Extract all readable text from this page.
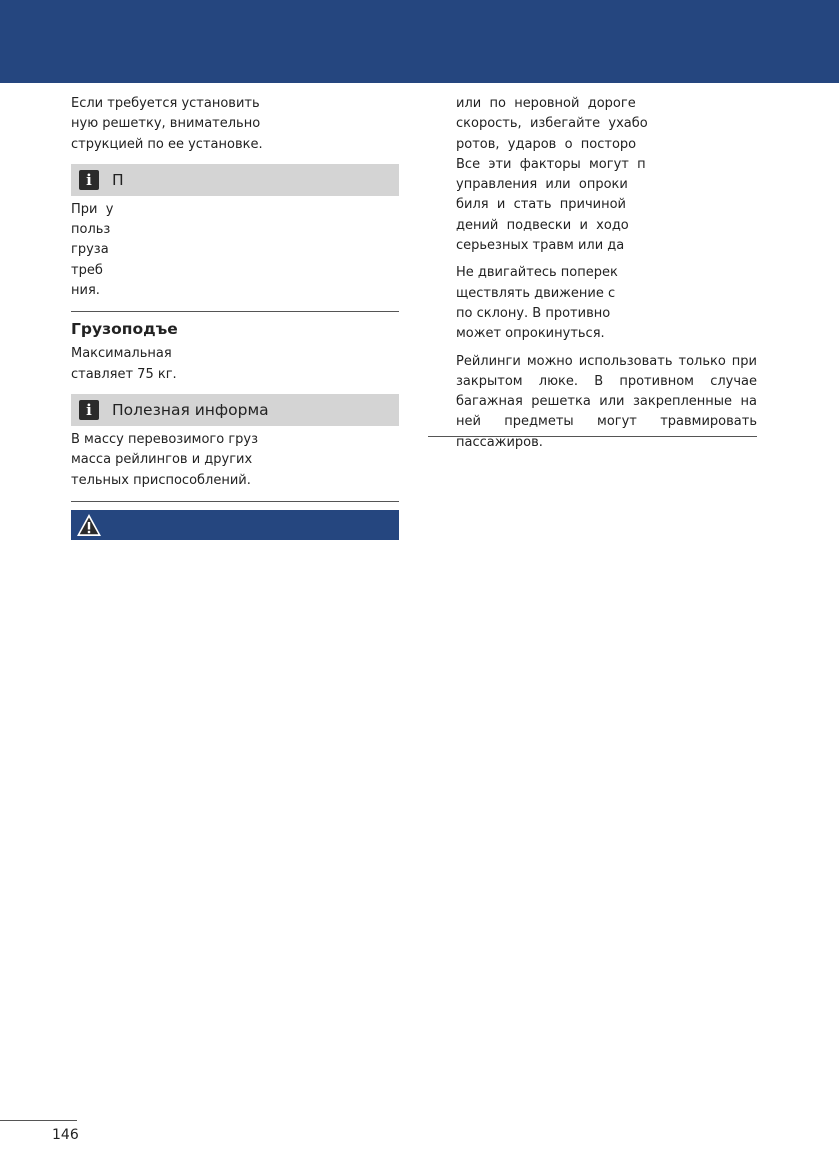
Если требуется установить

ную решетку, внимательно

струкцией по ее установке.

i	П

При  у

польз

груза

треб

ния.

Грузоподъе

Максимальная

ставляет 75 кг.

i	Полезная информа

В массу перевозимого груз

масса рейлингов и других

тельных приспособлений.

или  по  неровной  дороге

скорость,  избегайте  ухабо

ротов,  ударов  о  посторо

Все  эти  факторы  могут  п

управления  или  опроки

биля  и  стать  причиной

дений  подвески  и  ходо

серьезных травм или да

Не двигайтесь поперек

ществлять движение с

по склону. В противно

может опрокинуться.

Рейлинги можно использовать только при закрытом люке. В противном случае багажная решетка или закрепленные на ней предметы могут травмировать пассажиров.

146
